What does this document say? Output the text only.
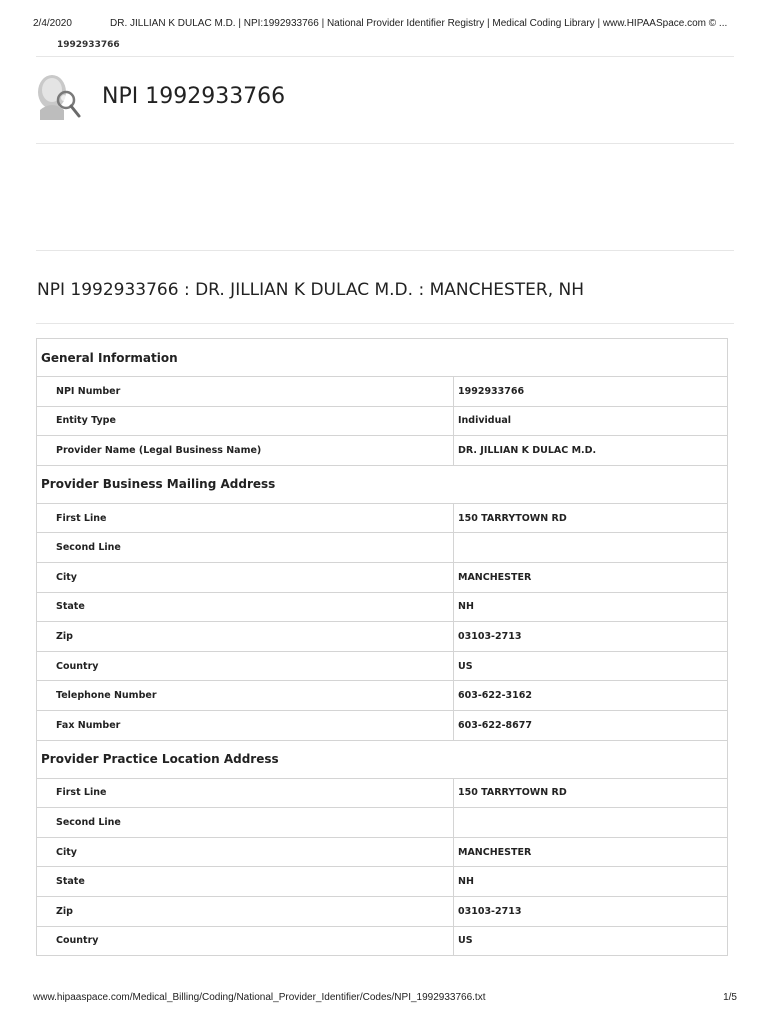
2/4/2020	DR. JILLIAN K DULAC M.D. | NPI:1992933766 | National Provider Identifier Registry | Medical Coding Library | www.HIPAASpace.com © ...
1992933766
NPI 1992933766
NPI 1992933766 : DR. JILLIAN K DULAC M.D. : MANCHESTER, NH
General Information	
NPI Number	1992933766
Entity Type	Individual
Provider Name (Legal Business Name)	DR. JILLIAN K DULAC M.D.
Provider Business Mailing Address	
First Line	150 TARRYTOWN RD
Second Line	
City	MANCHESTER
State	NH
Zip	03103-2713
Country	US
Telephone Number	603-622-3162
Fax Number	603-622-8677
Provider Practice Location Address	
First Line	150 TARRYTOWN RD
Second Line	
City	MANCHESTER
State	NH
Zip	03103-2713
Country	US
www.hipaaspace.com/Medical_Billing/Coding/National_Provider_Identifier/Codes/NPI_1992933766.txt	1/5
